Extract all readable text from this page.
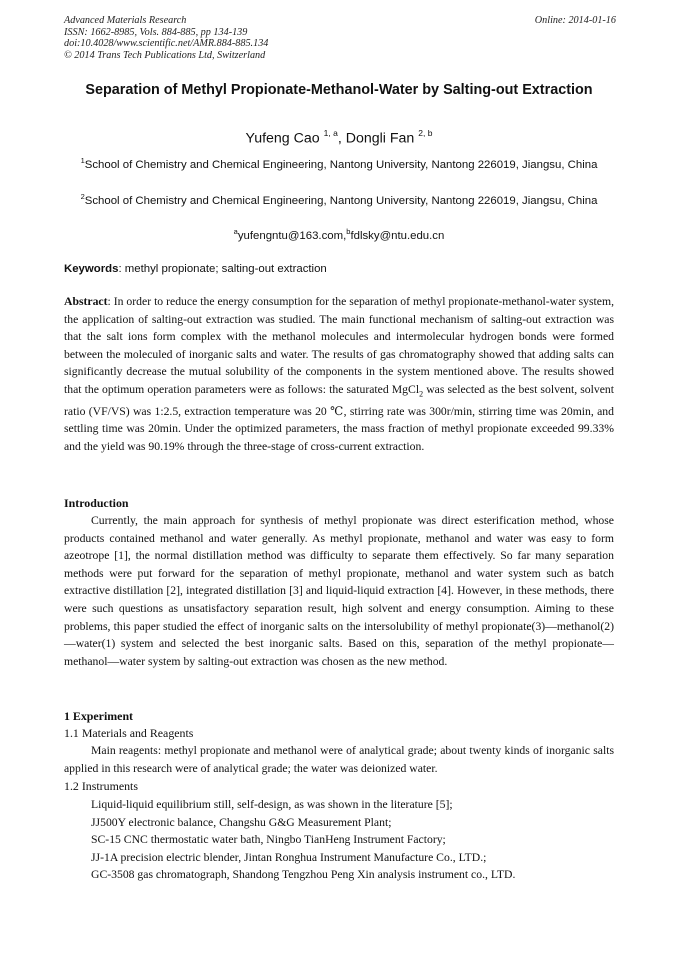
Advanced Materials Research
ISSN: 1662-8985, Vols. 884-885, pp 134-139
doi:10.4028/www.scientific.net/AMR.884-885.134
© 2014 Trans Tech Publications Ltd, Switzerland
Online: 2014-01-16
Separation of Methyl Propionate-Methanol-Water by Salting-out Extraction
Yufeng Cao $^{1, a}$, Dongli Fan $^{2, b}$
$^1$School of Chemistry and Chemical Engineering, Nantong University, Nantong 226019, Jiangsu, China
$^2$School of Chemistry and Chemical Engineering, Nantong University, Nantong 226019, Jiangsu, China
$^a$yufengntu@163.com,$^b$fdlsky@ntu.edu.cn
Keywords: methyl propionate; salting-out extraction
Abstract: In order to reduce the energy consumption for the separation of methyl propionate-methanol-water system, the application of salting-out extraction was studied. The main functional mechanism of salting-out extraction was that the salt ions form complex with the methanol molecules and intermolecular hydrogen bonds were formed between the moleculed of inorganic salts and water. The results of gas chromatography showed that adding salts can significantly decrease the mutual solubility of the components in the system mentioned above. The results showed that the optimum operation parameters were as follows: the saturated MgCl$_2$ was selected as the best solvent, solvent ratio (VF/VS) was 1:2.5, extraction temperature was 20 ℃, stirring rate was 300r/min, stirring time was 20min, and settling time was 20min. Under the optimized parameters, the mass fraction of methyl propionate exceeded 99.33% and the yield was 90.19% through the three-stage of cross-current extraction.
Introduction
Currently, the main approach for synthesis of methyl propionate was direct esterification method, whose products contained methanol and water generally. As methyl propionate, methanol and water was easy to form azeotrope [1], the normal distillation method was difficulty to separate them effectively. So far many separation methods were put forward for the separation of methyl propionate, methanol and water system such as batch extractive distillation [2], integrated distillation [3] and liquid-liquid extraction [4]. However, in these methods, there were such questions as unsatisfactory separation result, high solvent and energy consumption. Aiming to these problems, this paper studied the effect of inorganic salts on the intersolubility of methyl propionate(3)—methanol(2)—water(1) system and selected the best inorganic salts. Based on this, separation of the methyl propionate—methanol—water system by salting-out extraction was chosen as the new method.
1 Experiment
1.1 Materials and Reagents
Main reagents: methyl propionate and methanol were of analytical grade; about twenty kinds of inorganic salts applied in this research were of analytical grade; the water was deionized water.
1.2 Instruments
Liquid-liquid equilibrium still, self-design, as was shown in the literature [5];
JJ500Y electronic balance, Changshu G&G Measurement Plant;
SC-15 CNC thermostatic water bath, Ningbo TianHeng Instrument Factory;
JJ-1A precision electric blender, Jintan Ronghua Instrument Manufacture Co., LTD.;
GC-3508 gas chromatograph, Shandong Tengzhou Peng Xin analysis instrument co., LTD.
